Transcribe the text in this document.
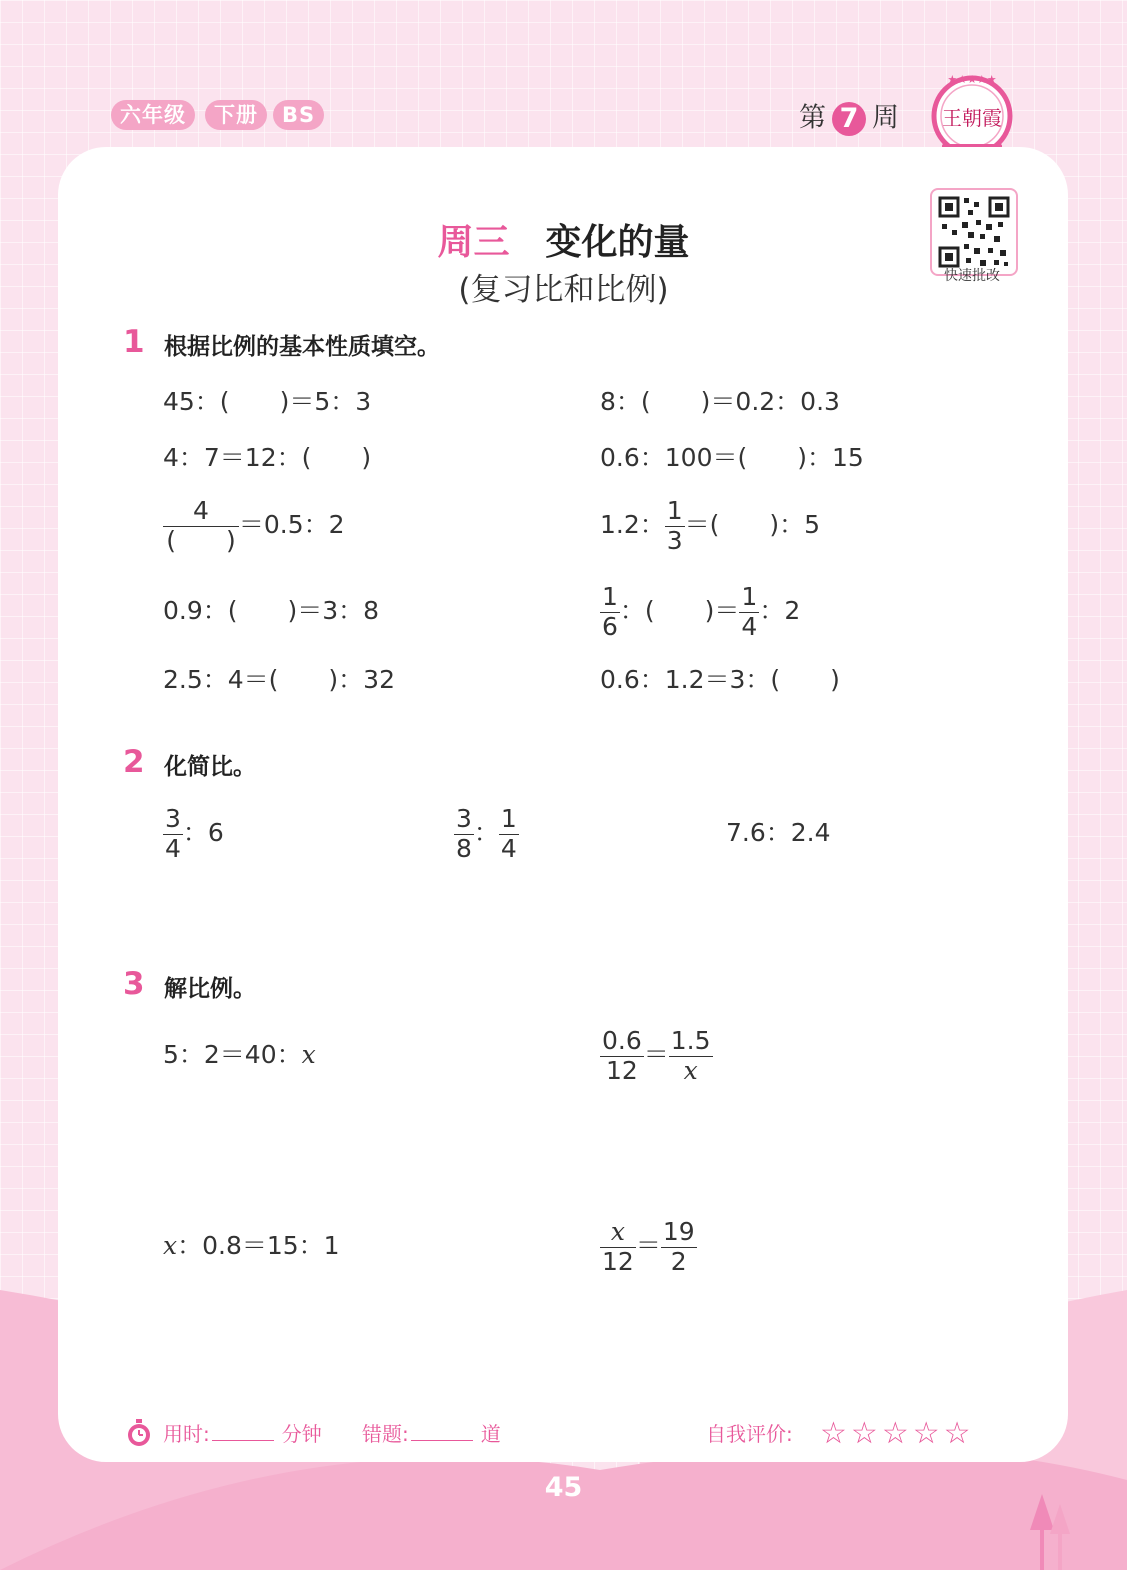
六年级	下册	BS	第 7 周
★★★★★
王朝霞
快速批改
周三 变化的量
(复习比和比例)
1 根据比例的基本性质填空。
45：(　　)＝5：3	8：(　　)＝0.2：0.3
4：7＝12：(　　)	0.6：100＝(　　)：15
$\frac{4}{( )} =0.5$：2	1.2： $\frac{1}{3}$ ＝(　　)：5
0.9：(　　)＝3：8	$\frac{1}{6}$ ：(　　)＝ $\frac{1}{4}$ ：2
2.5：4＝(　　)：32	0.6：1.2＝3：(　　)
2 化简比。
$\frac{3}{4}$ ：6	$\frac{3}{8}$ ： $\frac{1}{4}$	7.6：2.4
3 解比例。
5：2＝40：x	$\frac{0.6}{12} = \frac{1.5}{x}$
x：0.8＝15：1	$\frac{x}{12} = \frac{19}{2}$
用时:	分钟 错题:	道	自我评价: ☆ ☆ ☆ ☆ ☆
45
